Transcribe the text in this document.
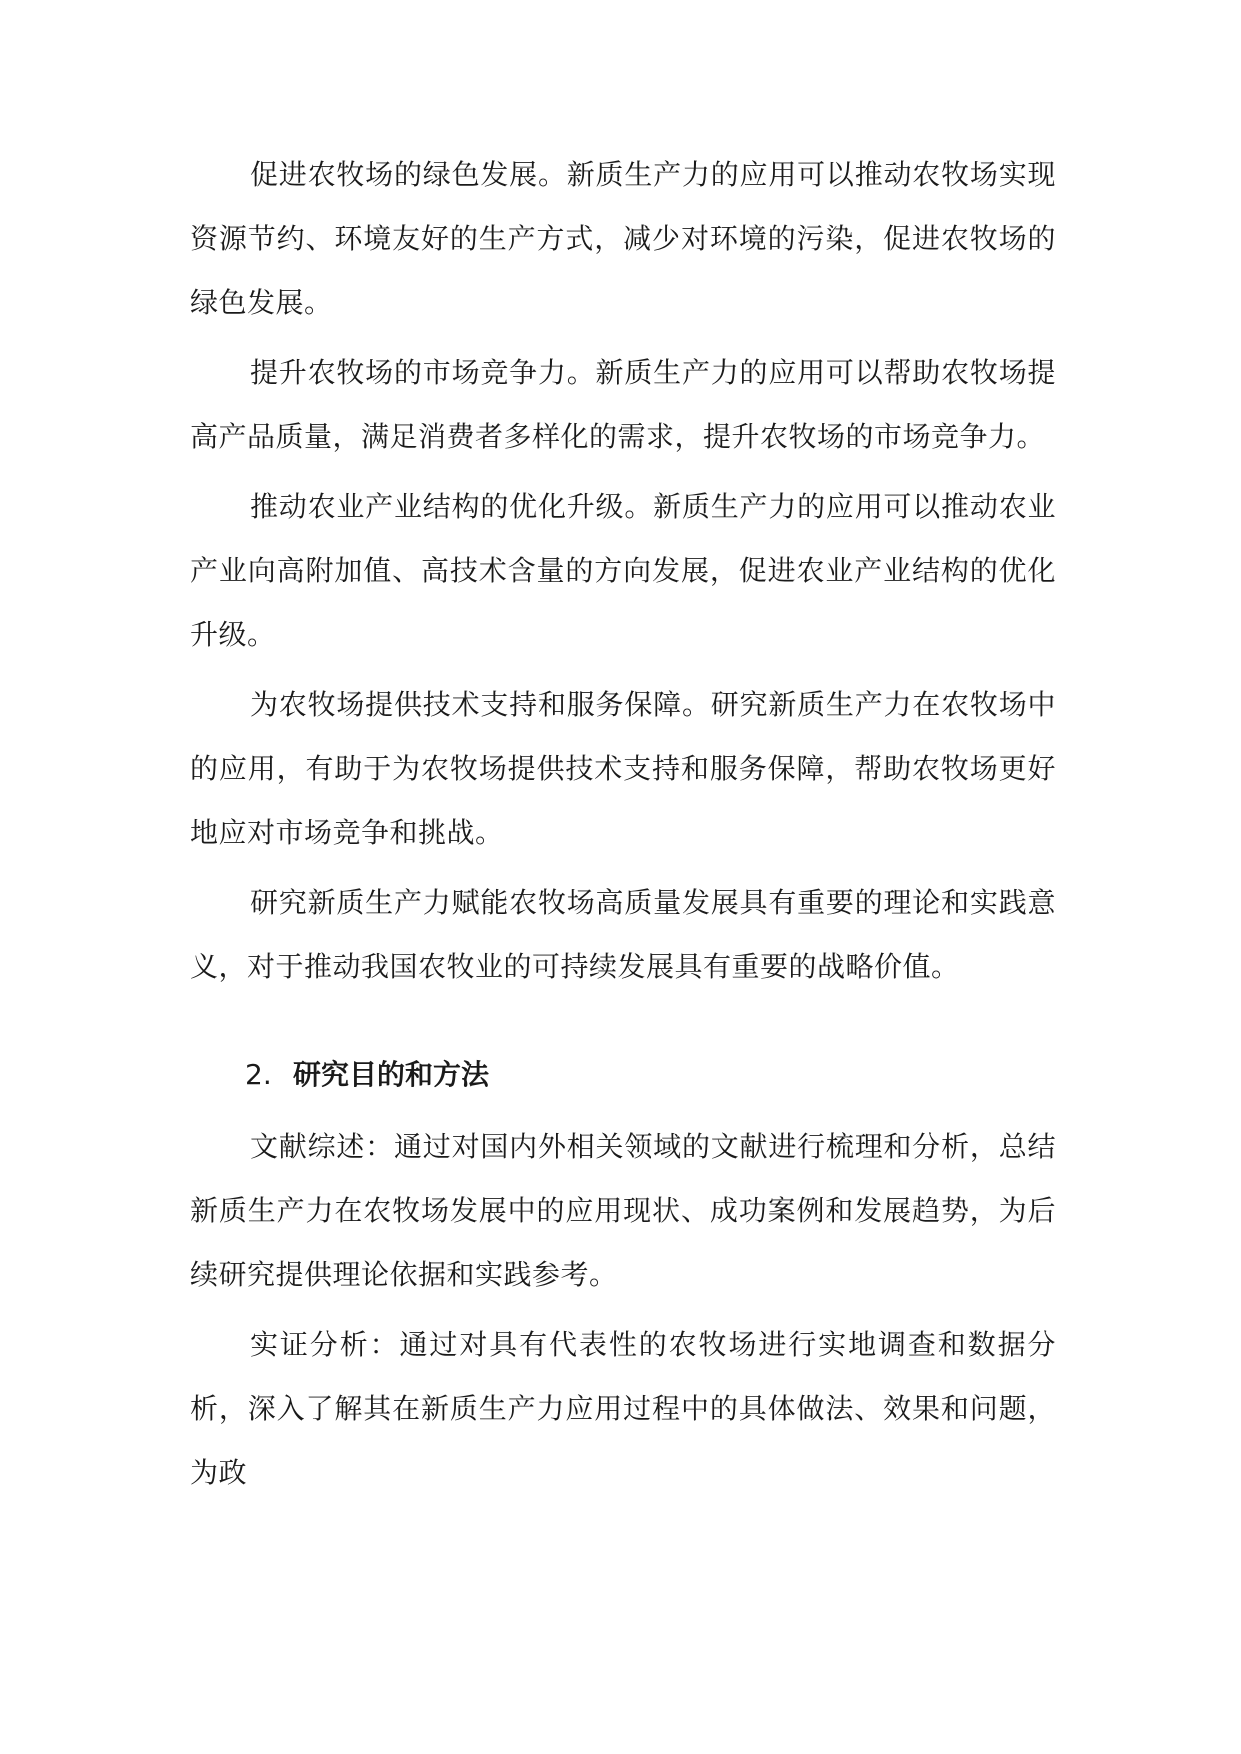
促进农牧场的绿色发展。新质生产力的应用可以推动农牧场实现资源节约、环境友好的生产方式，减少对环境的污染，促进农牧场的绿色发展。

提升农牧场的市场竞争力。新质生产力的应用可以帮助农牧场提高产品质量，满足消费者多样化的需求，提升农牧场的市场竞争力。

推动农业产业结构的优化升级。新质生产力的应用可以推动农业产业向高附加值、高技术含量的方向发展，促进农业产业结构的优化升级。

为农牧场提供技术支持和服务保障。研究新质生产力在农牧场中的应用，有助于为农牧场提供技术支持和服务保障，帮助农牧场更好地应对市场竞争和挑战。

研究新质生产力赋能农牧场高质量发展具有重要的理论和实践意义，对于推动我国农牧业的可持续发展具有重要的战略价值。

2. 研究目的和方法

文献综述：通过对国内外相关领域的文献进行梳理和分析，总结新质生产力在农牧场发展中的应用现状、成功案例和发展趋势，为后续研究提供理论依据和实践参考。

实证分析：通过对具有代表性的农牧场进行实地调查和数据分析，深入了解其在新质生产力应用过程中的具体做法、效果和问题，为政
